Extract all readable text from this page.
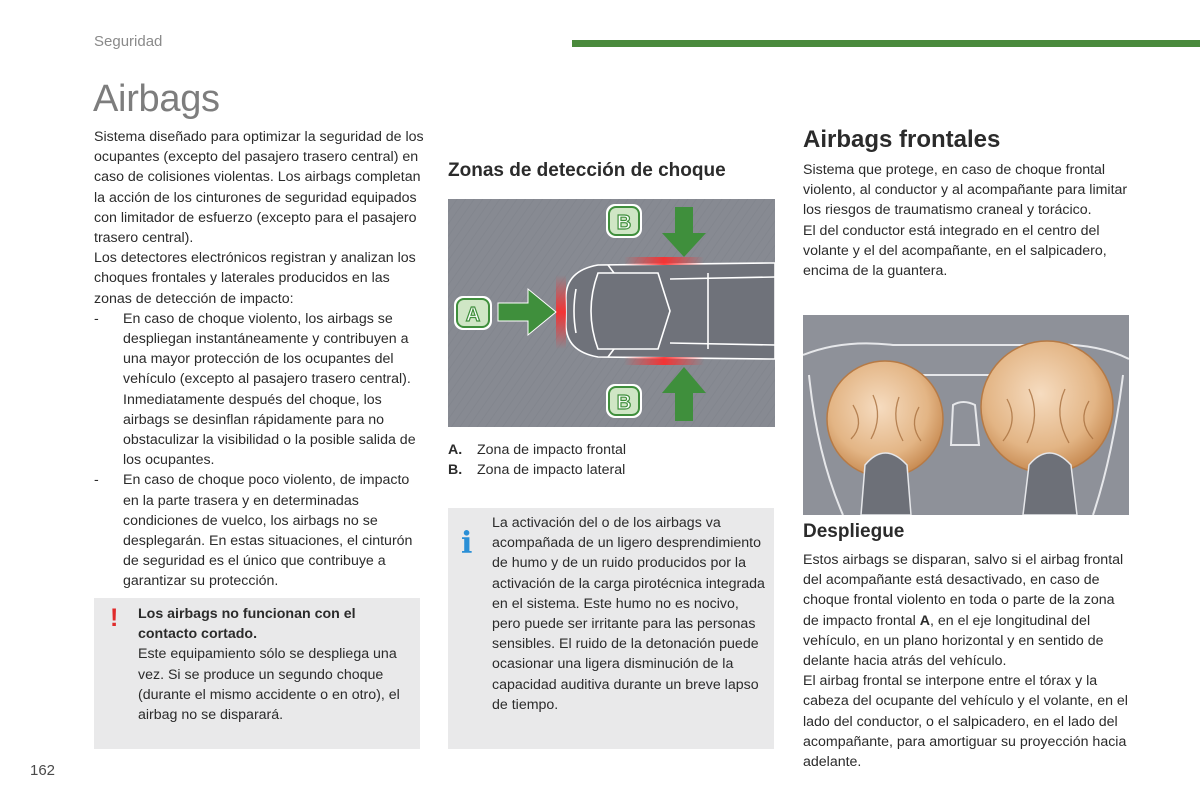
Seguridad
Airbags

Sistema diseñado para optimizar la seguridad de los ocupantes (excepto del pasajero trasero central) en caso de colisiones violentas. Los airbags completan la acción de los cinturones de seguridad equipados con limitador de esfuerzo (excepto para el pasajero trasero central).

Los detectores electrónicos registran y analizan los choques frontales y laterales producidos en las zonas de detección de impacto:

- En caso de choque violento, los airbags se despliegan instantáneamente y contribuyen a una mayor protección de los ocupantes del vehículo (excepto al pasajero trasero central). Inmediatamente después del choque, los airbags se desinflan rápidamente para no obstaculizar la visibilidad o la posible salida de los ocupantes.
- En caso de choque poco violento, de impacto en la parte trasera y en determinadas condiciones de vuelco, los airbags no se desplegarán. En estas situaciones, el cinturón de seguridad es el único que contribuye a garantizar su protección.
! Los airbags no funcionan con el contacto cortado.

Este equipamiento sólo se despliega una vez. Si se produce un segundo choque (durante el mismo accidente o en otro), el airbag no se disparará.

Zonas de detección de choque
A
B
B
A.	Zona de impacto frontal
B.	Zona de impacto lateral
i

La activación del o de los airbags va acompañada de un ligero desprendimiento de humo y de un ruido producidos por la activación de la carga pirotécnica integrada en el sistema. Este humo no es nocivo, pero puede ser irritante para las personas sensibles. El ruido de la detonación puede ocasionar una ligera disminución de la capacidad auditiva durante un breve lapso de tiempo.

Airbags frontales

Sistema que protege, en caso de choque frontal violento, al conductor y al acompañante para limitar los riesgos de traumatismo craneal y torácico.

El del conductor está integrado en el centro del volante y el del acompañante, en el salpicadero, encima de la guantera.

Despliegue

Estos airbags se disparan, salvo si el airbag frontal del acompañante está desactivado, en caso de choque frontal violento en toda o parte de la zona de impacto frontal A, en el eje longitudinal del vehículo, en un plano horizontal y en sentido de delante hacia atrás del vehículo.

El airbag frontal se interpone entre el tórax y la cabeza del ocupante del vehículo y el volante, en el lado del conductor, o el salpicadero, en el lado del acompañante, para amortiguar su proyección hacia adelante.

162
